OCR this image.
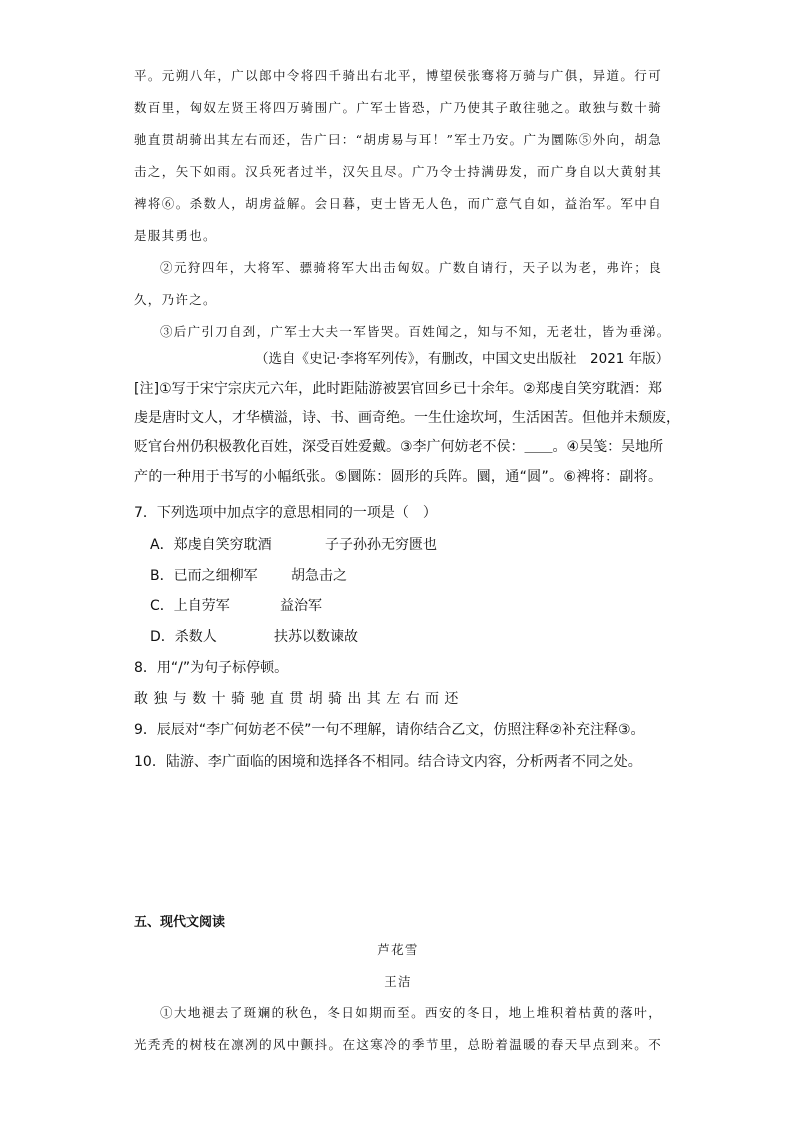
平。元朔八年，广以郎中令将四千骑出右北平，博望侯张骞将万骑与广俱，异道。行可
数百里，匈奴左贤王将四万骑围广。广军士皆恐，广乃使其子敢往驰之。敢独与数十骑
驰直贯胡骑出其左右而还，告广曰：“胡虏易与耳！”军士乃安。广为圜陈⑤外向，胡急
击之，矢下如雨。汉兵死者过半，汉矢且尽。广乃令士持满毋发，而广身自以大黄射其
裨将⑥。杀数人，胡虏益解。会日暮，吏士皆无人色，而广意气自如，益治军。军中自
是服其勇也。
②元狩四年，大将军、骠骑将军大出击匈奴。广数自请行，天子以为老，弗许；良
久，乃许之。
③后广引刀自刭，广军士大夫一军皆哭。百姓闻之，知与不知，无老壮，皆为垂涕。
（选自《史记·李将军列传》，有删改，中国文史出版社　2021 年版）
[注]①写于宋宁宗庆元六年，此时距陆游被罢官回乡已十余年。②郑虔自笑穷耽酒：郑
虔是唐时文人，才华横溢，诗、书、画奇绝。一生仕途坎坷，生活困苦。但他并未颓废，
贬官台州仍积极教化百姓，深受百姓爱戴。③李广何妨老不侯：＿＿。④吴笺：吴地所
产的一种用于书写的小幅纸张。⑤圜陈：圆形的兵阵。圜，通“圆”。⑥裨将：副将。
7．下列选项中加点字的意思相同的一项是（　）
A．郑虔自笑穷耽酒	子子孙孙无穷匮也
B．已而之细柳军 胡急击之
C．上自劳军	益治军
D．杀数人	扶苏以数谏故
8．用“/”为句子标停顿。
敢独与数十骑驰直贯胡骑出其左右而还
9．辰辰对“李广何妨老不侯”一句不理解，请你结合乙文，仿照注释②补充注释③。
10．陆游、李广面临的困境和选择各不相同。结合诗文内容，分析两者不同之处。
五、现代文阅读
芦花雪
王洁
①大地褪去了斑斓的秋色，冬日如期而至。西安的冬日，地上堆积着枯黄的落叶，
光秃秃的树枝在凛冽的风中颤抖。在这寒冷的季节里，总盼着温暖的春天早点到来。不
